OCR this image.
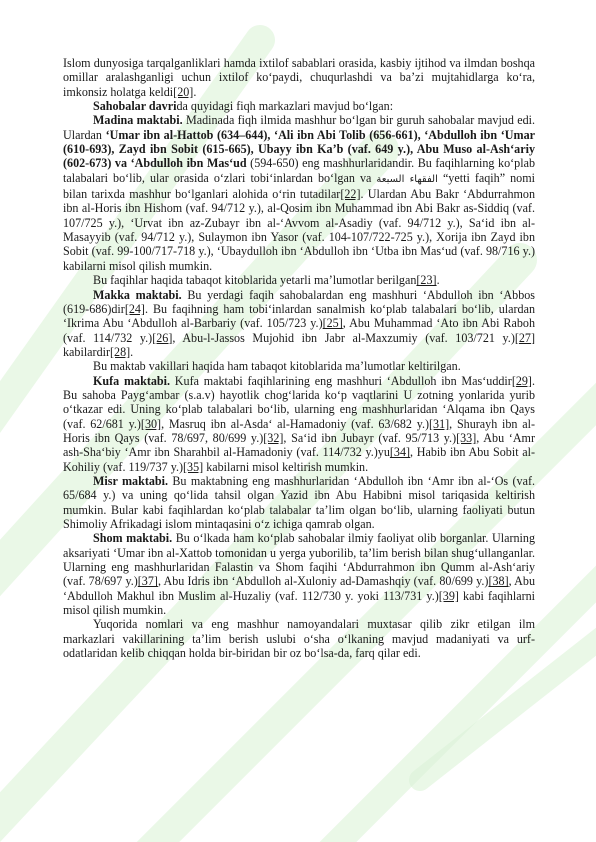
Islom dunyosiga tarqalganliklari hamda ixtilof sabablari orasida, kasbiy ijtihod va ilmdan boshqa omillar aralashganligi uchun ixtilof ko‘paydi, chuqurlashdi va ba’zi mujtahidlarga ko‘ra, imkonsiz holatga keldi[20].

Sahobalar davrida quyidagi fiqh markazlari mavjud bo‘lgan:

Madina maktabi. Madinada fiqh ilmida mashhur bo‘lgan bir guruh sahobalar mavjud edi. Ulardan ‘Umar ibn al-Hattob (634–644), ‘Ali ibn Abi Tolib (656-661), ‘Abdulloh ibn ‘Umar (610-693), Zayd ibn Sobit (615-665), Ubayy ibn Ka’b (vaf. 649 y.), Abu Muso al-Ash‘ariy (602-673) va ‘Abdulloh ibn Mas‘ud (594-650) eng mashhurlaridandir. Bu faqihlarning ko‘plab talabalari bo‘lib, ular orasida o‘zlari tobi‘inlardan bo‘lgan va الفقهاء السبعة “yetti faqih” nomi bilan tarixda mashhur bo‘lganlari alohida o‘rin tutadilar[22]. Ulardan Abu Bakr ‘Abdurrahmon ibn al-Horis ibn Hishom (vaf. 94/712 y.), al-Qosim ibn Muhammad ibn Abi Bakr as-Siddiq (vaf. 107/725 y.), ‘Urvat ibn az-Zubayr ibn al-‘Avvom al-Asadiy (vaf. 94/712 y.), Sa‘id ibn al-Masayyib (vaf. 94/712 y.), Sulaymon ibn Yasor (vaf. 104-107/722-725 y.), Xorija ibn Zayd ibn Sobit (vaf. 99-100/717-718 y.), ‘Ubaydulloh ibn ‘Abdulloh ibn ‘Utba ibn Mas‘ud (vaf. 98/716 y.) kabilarni misol qilish mumkin.

Bu faqihlar haqida tabaqot kitoblarida yetarli ma’lumotlar berilgan[23].

Makka maktabi. Bu yerdagi faqih sahobalardan eng mashhuri ‘Abdulloh ibn ‘Abbos (619-686)dir[24]. Bu faqihning ham tobi‘inlardan sanalmish ko‘plab talabalari bo‘lib, ulardan ‘Ikrima Abu ‘Abdulloh al-Barbariy (vaf. 105/723 y.)[25], Abu Muhammad ‘Ato ibn Abi Raboh (vaf. 114/732 y.)[26], Abu-l-Jassos Mujohid ibn Jabr al-Maxzumiy (vaf. 103/721 y.)[27] kabilardir[28].

Bu maktab vakillari haqida ham tabaqot kitoblarida ma’lumotlar keltirilgan.

Kufa maktabi. Kufa maktabi faqihlarining eng mashhuri ‘Abdulloh ibn Mas‘uddir[29]. Bu sahoba Payg‘ambar (s.a.v) hayotlik chog‘larida ko‘p vaqtlarini U zotning yonlarida yurib o‘tkazar edi. Uning ko‘plab talabalari bo‘lib, ularning eng mashhurlaridan ‘Alqama ibn Qays (vaf. 62/681 y.)[30], Masruq ibn al-Asda‘ al-Hamadoniy (vaf. 63/682 y.)[31], Shurayh ibn al-Horis ibn Qays (vaf. 78/697, 80/699 y.)[32], Sa‘id ibn Jubayr (vaf. 95/713 y.)[33], Abu ‘Amr ash-Sha‘biy ‘Amr ibn Sharahbil al-Hamadoniy (vaf. 114/732 y.)yu[34], Habib ibn Abu Sobit al-Kohiliy (vaf. 119/737 y.)[35] kabilarni misol keltirish mumkin.

Misr maktabi. Bu maktabning eng mashhurlaridan ‘Abdulloh ibn ‘Amr ibn al-‘Os (vaf. 65/684 y.) va uning qo‘lida tahsil olgan Yazid ibn Abu Habibni misol tariqasida keltirish mumkin. Bular kabi faqihlardan ko‘plab talabalar ta’lim olgan bo‘lib, ularning faoliyati butun Shimoliy Afrikadagi islom mintaqasini o‘z ichiga qamrab olgan.

Shom maktabi. Bu o‘lkada ham ko‘plab sahobalar ilmiy faoliyat olib borganlar. Ularning aksariyati ‘Umar ibn al-Xattob tomonidan u yerga yuborilib, ta’lim berish bilan shug‘ullanganlar. Ularning eng mashhurlaridan Falastin va Shom faqihi ‘Abdurrahmon ibn Qumm al-Ash‘ariy (vaf. 78/697 y.)[37], Abu Idris ibn ‘Abdulloh al-Xuloniy ad-Damashqiy (vaf. 80/699 y.)[38], Abu ‘Abdulloh Makhul ibn Muslim al-Huzaliy (vaf. 112/730 y. yoki 113/731 y.)[39] kabi faqihlarni misol qilish mumkin.

Yuqorida nomlari va eng mashhur namoyandalari muxtasar qilib zikr etilgan ilm markazlari vakillarining ta’lim berish uslubi o‘sha o‘lkaning mavjud madaniyati va urf-odatlaridan kelib chiqqan holda bir-biridan bir oz bo‘lsa-da, farq qilar edi.
